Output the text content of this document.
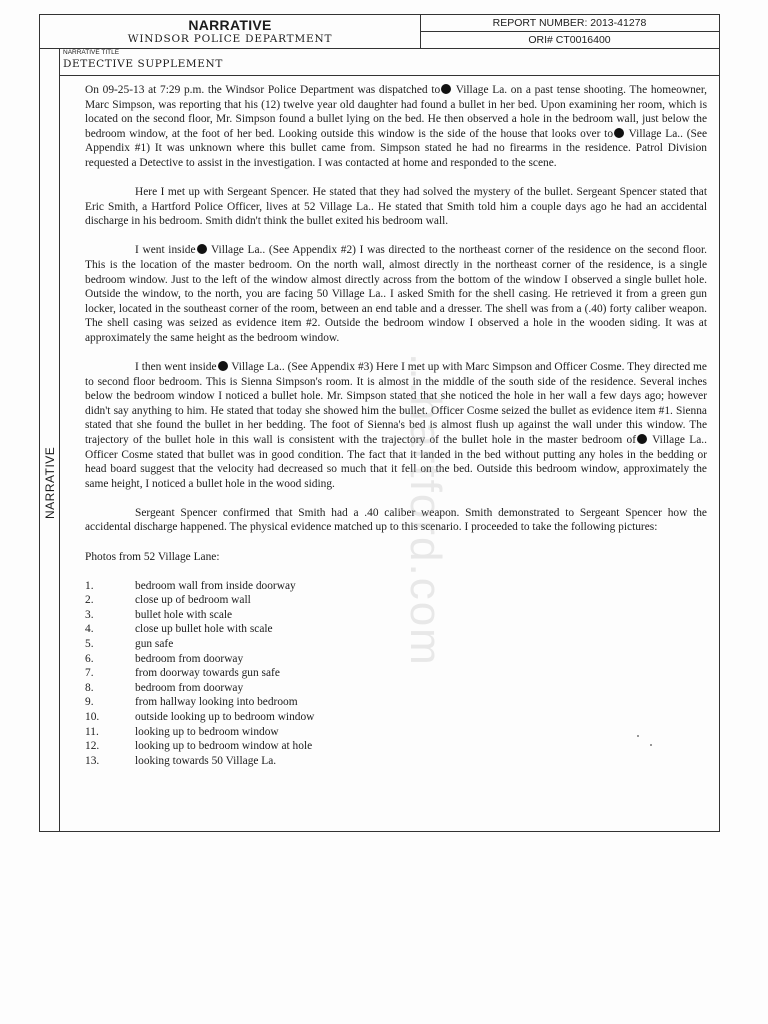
NARRATIVE
WINDSOR POLICE DEPARTMENT
REPORT NUMBER: 2013-41278
ORI# CT0016400
NARRATIVE
NARRATIVE TITLE
DETECTIVE SUPPLEMENT

On 09-25-13 at 7:29 p.m. the Windsor Police Department was dispatched to Village La. on a past tense shooting. The homeowner, Marc Simpson, was reporting that his (12) twelve year old daughter had found a bullet in her bed. Upon examining her room, which is located on the second floor, Mr. Simpson found a bullet lying on the bed. He then observed a hole in the bedroom wall, just below the bedroom window, at the foot of her bed. Looking outside this window is the side of the house that looks over to Village La.. (See Appendix #1) It was unknown where this bullet came from. Simpson stated he had no firearms in the residence. Patrol Division requested a Detective to assist in the investigation. I was contacted at home and responded to the scene.

Here I met up with Sergeant Spencer. He stated that they had solved the mystery of the bullet. Sergeant Spencer stated that Eric Smith, a Hartford Police Officer, lives at 52 Village La.. He stated that Smith told him a couple days ago he had an accidental discharge in his bedroom. Smith didn't think the bullet exited his bedroom wall.

I went inside Village La.. (See Appendix #2) I was directed to the northeast corner of the residence on the second floor. This is the location of the master bedroom. On the north wall, almost directly in the northeast corner of the residence, is a single bedroom window. Just to the left of the window almost directly across from the bottom of the window I observed a single bullet hole. Outside the window, to the north, you are facing 50 Village La.. I asked Smith for the shell casing. He retrieved it from a green gun locker, located in the southeast corner of the room, between an end table and a dresser. The shell was from a (.40) forty caliber weapon. The shell casing was seized as evidence item #2. Outside the bedroom window I observed a hole in the wooden siding. It was at approximately the same height as the bedroom window.

I then went inside Village La.. (See Appendix #3) Here I met up with Marc Simpson and Officer Cosme. They directed me to second floor bedroom. This is Sienna Simpson's room. It is almost in the middle of the south side of the residence. Several inches below the bedroom window I noticed a bullet hole. Mr. Simpson stated that she noticed the hole in her wall a few days ago; however didn't say anything to him. He stated that today she showed him the bullet. Officer Cosme seized the bullet as evidence item #1. Sienna stated that she found the bullet in her bedding. The foot of Sienna's bed is almost flush up against the wall under this window. The trajectory of the bullet hole in this wall is consistent with the trajectory of the bullet hole in the master bedroom of Village La.. Officer Cosme stated that bullet was in good condition. The fact that it landed in the bed without putting any holes in the bedding or head board suggest that the velocity had decreased so much that it fell on the bed. Outside this bedroom window, approximately the same height, I noticed a bullet hole in the wood siding.

Sergeant Spencer confirmed that Smith had a .40 caliber weapon. Smith demonstrated to Sergeant Spencer how the accidental discharge happened. The physical evidence matched up to this scenario. I proceeded to take the following pictures:

Photos from 52 Village Lane:
1.	bedroom wall from inside doorway
2.	close up of bedroom wall
3.	bullet hole with scale
4.	close up bullet hole with scale
5.	gun safe
6.	bedroom from doorway
7.	from doorway towards gun safe
8.	bedroom from doorway
9.	from hallway looking into bedroom
10.	outside looking up to bedroom window
11.	looking up to bedroom window
12.	looking up to bedroom window at hole
13.	looking towards 50 Village La.
...hartford.com
